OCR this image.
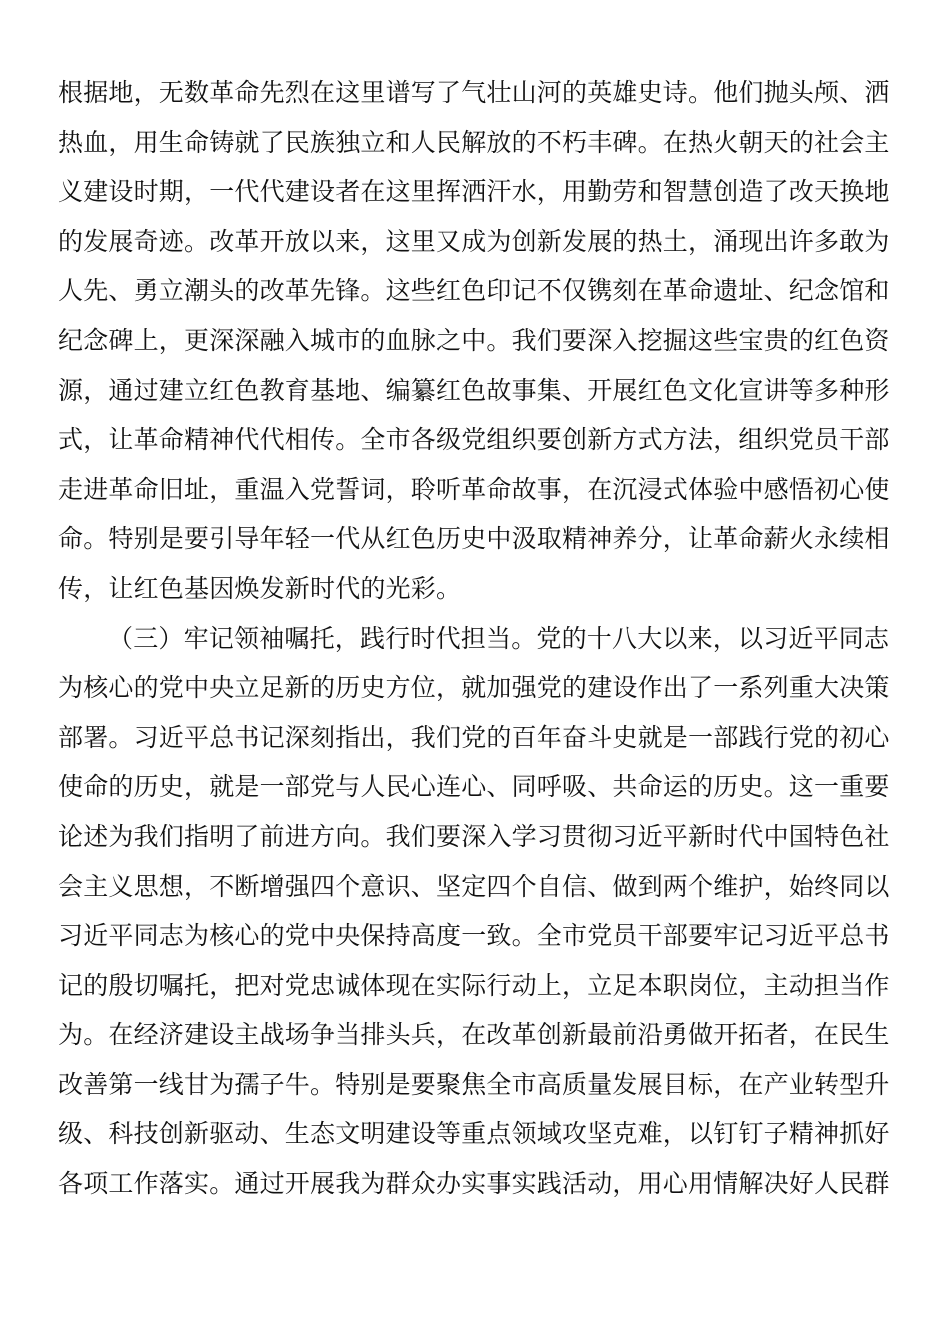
根据地，无数革命先烈在这里谱写了气壮山河的英雄史诗。他们抛头颅、洒
热血，用生命铸就了民族独立和人民解放的不朽丰碑。在热火朝天的社会主
义建设时期，一代代建设者在这里挥洒汗水，用勤劳和智慧创造了改天换地
的发展奇迹。改革开放以来，这里又成为创新发展的热土，涌现出许多敢为
人先、勇立潮头的改革先锋。这些红色印记不仅镌刻在革命遗址、纪念馆和
纪念碑上，更深深融入城市的血脉之中。我们要深入挖掘这些宝贵的红色资
源，通过建立红色教育基地、编纂红色故事集、开展红色文化宣讲等多种形
式，让革命精神代代相传。全市各级党组织要创新方式方法，组织党员干部
走进革命旧址，重温入党誓词，聆听革命故事，在沉浸式体验中感悟初心使
命。特别是要引导年轻一代从红色历史中汲取精神养分，让革命薪火永续相
传，让红色基因焕发新时代的光彩。
（三）牢记领袖嘱托，践行时代担当。党的十八大以来，以习近平同志
为核心的党中央立足新的历史方位，就加强党的建设作出了一系列重大决策
部署。习近平总书记深刻指出，我们党的百年奋斗史就是一部践行党的初心
使命的历史，就是一部党与人民心连心、同呼吸、共命运的历史。这一重要
论述为我们指明了前进方向。我们要深入学习贯彻习近平新时代中国特色社
会主义思想，不断增强四个意识、坚定四个自信、做到两个维护，始终同以
习近平同志为核心的党中央保持高度一致。全市党员干部要牢记习近平总书
记的殷切嘱托，把对党忠诚体现在实际行动上，立足本职岗位，主动担当作
为。在经济建设主战场争当排头兵，在改革创新最前沿勇做开拓者，在民生
改善第一线甘为孺子牛。特别是要聚焦全市高质量发展目标，在产业转型升
级、科技创新驱动、生态文明建设等重点领域攻坚克难，以钉钉子精神抓好
各项工作落实。通过开展我为群众办实事实践活动，用心用情解决好人民群
